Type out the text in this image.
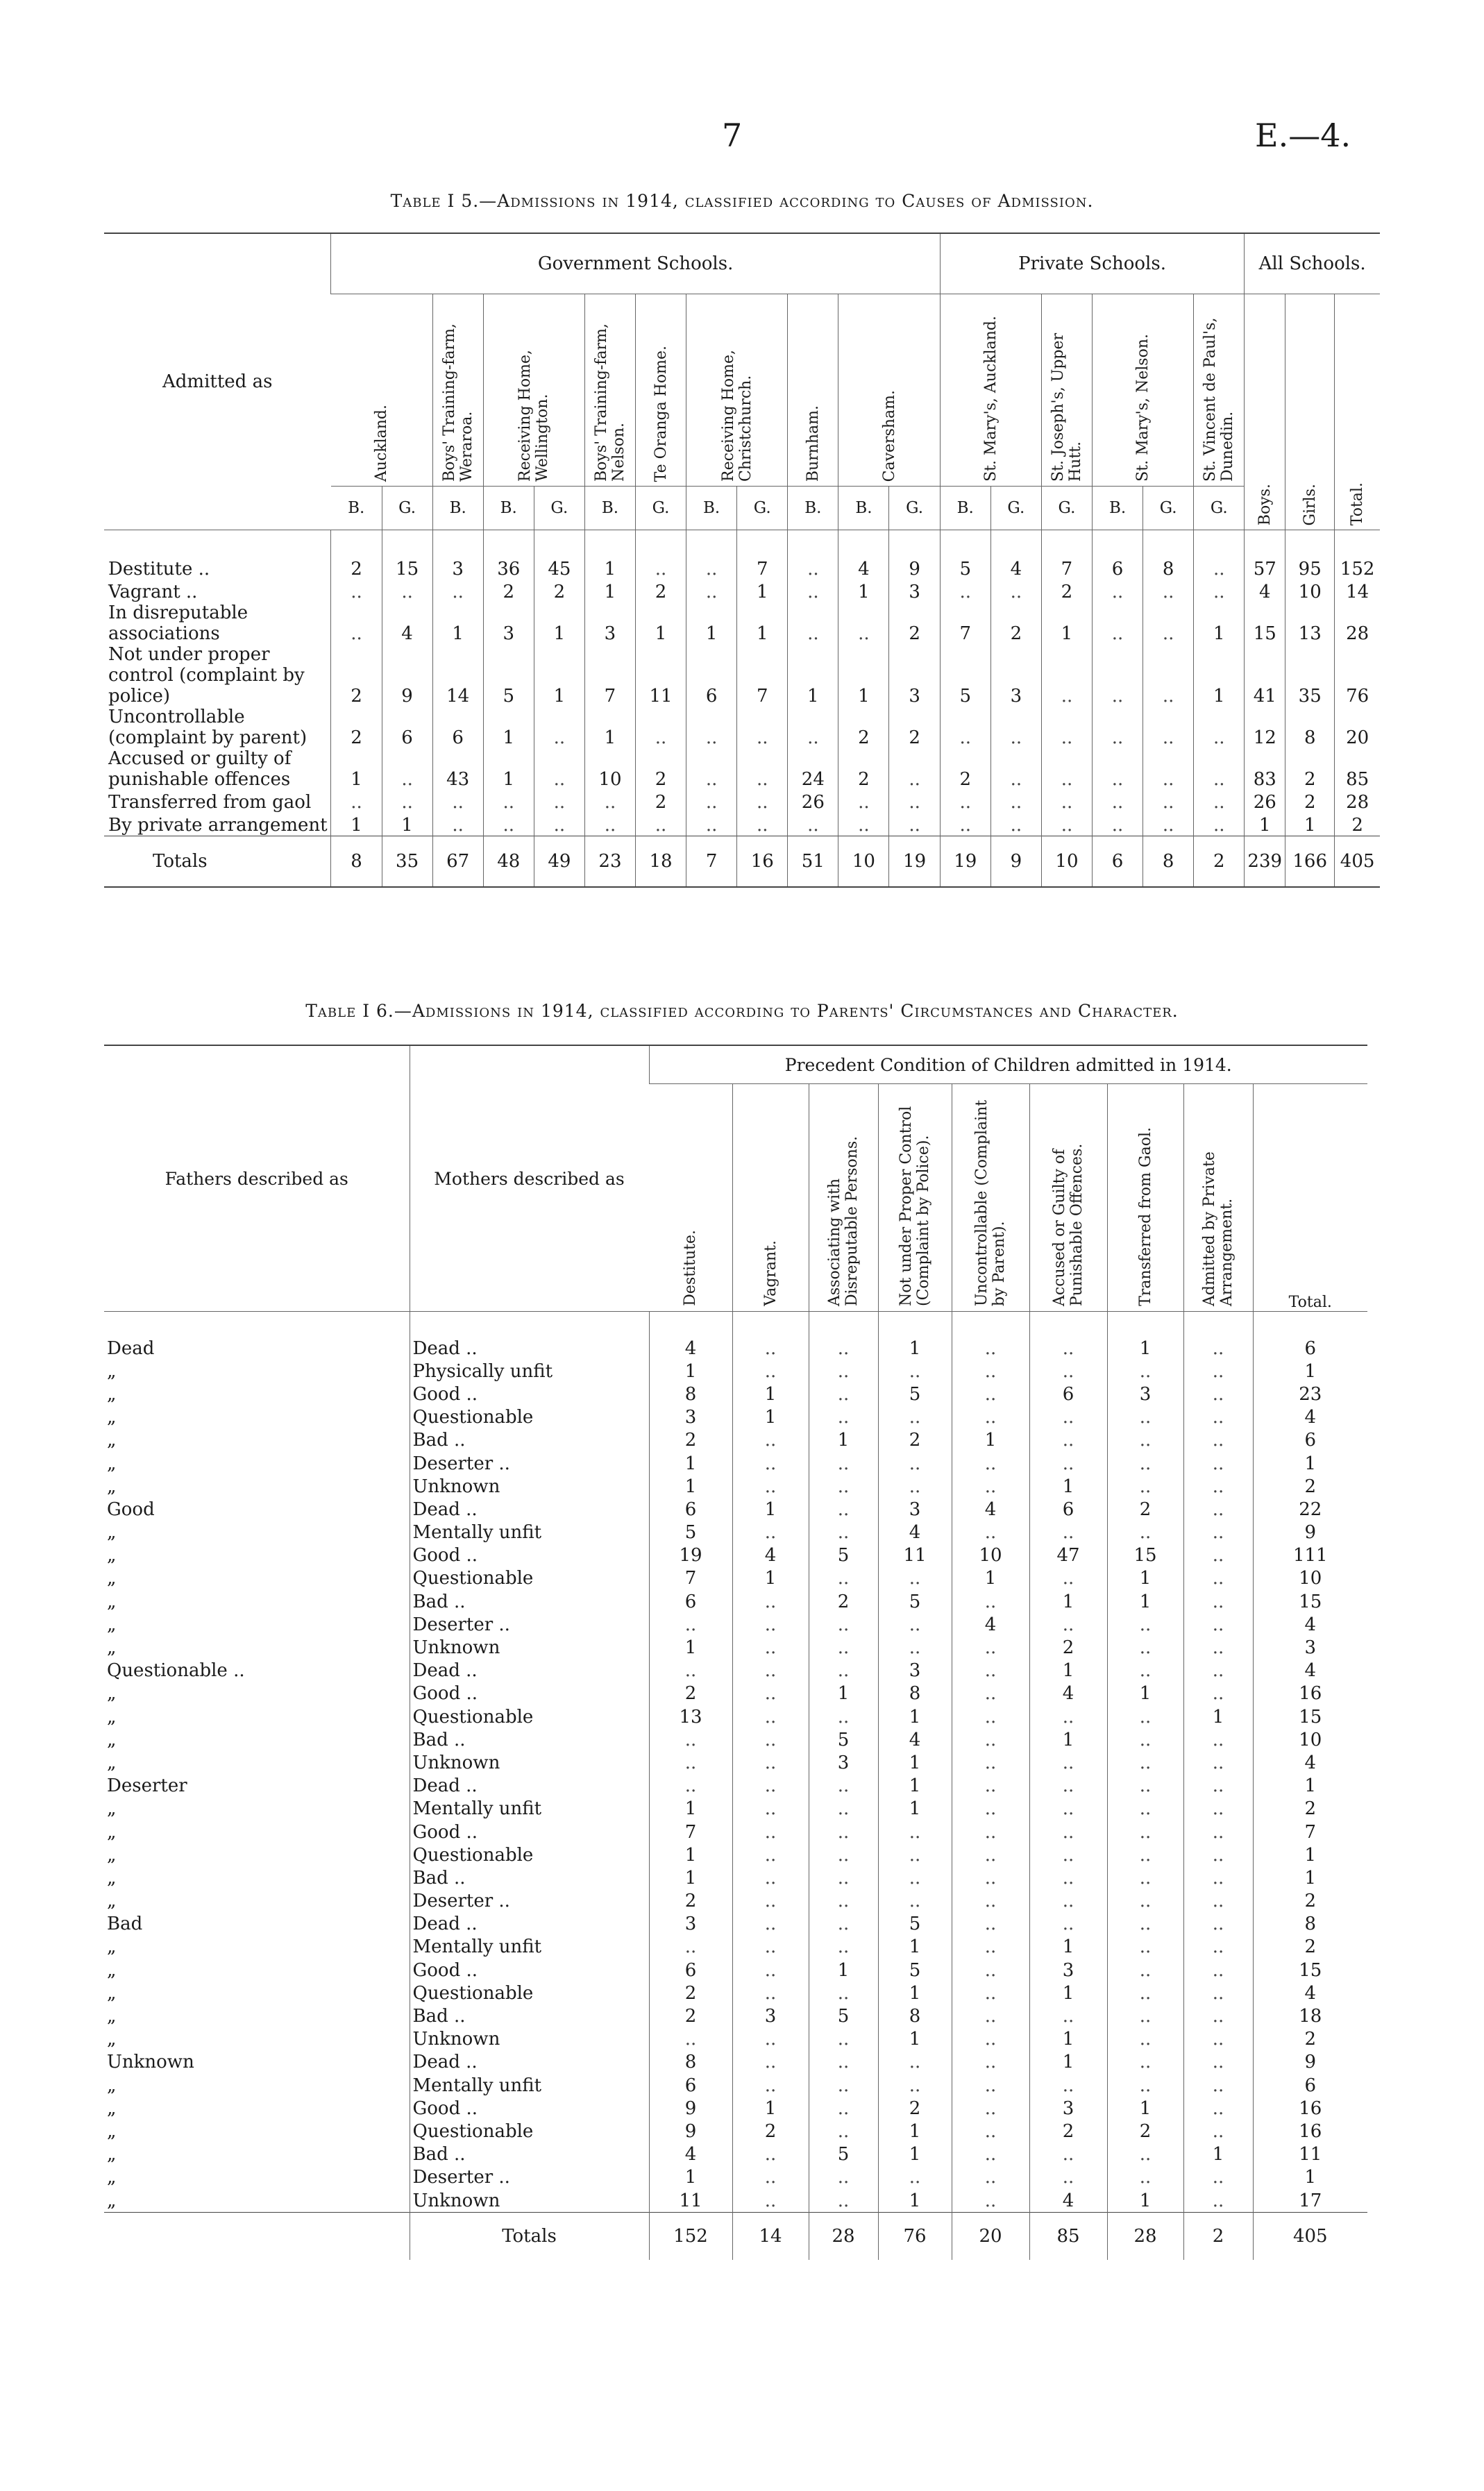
7	E.—4.
Table I 5.—Admissions in 1914, classified according to Causes of Admission.
Admitted as	Government Schools.												Private Schools.						All Schools.		
	Auckland.		Boys' Training-farm, Weraroa.	Receiving Home, Wellington.		Boys' Training-farm, Nelson.	Te Oranga Home.	Receiving Home, Christchurch.		Burnham.	Caversham.		St. Mary's, Auckland.		St. Joseph's, Upper Hutt.	St. Mary's, Nelson.		St. Vincent de Paul's, Dunedin.	Boys.	Girls.	Total.
	B.	G.	B.	B.	G.	B.	G.	B.	G.	B.	B.	G.	B.	G.	G.	B.	G.	G.			
Destitute ..	2	15	3	36	45	1	..	..	7	..	4	9	5	4	7	6	8	..	57	95	152
Vagrant ..	..	..	..	2	2	1	2	..	1	..	1	3	..	..	2	..	..	..	4	10	14
In disreputable associations	..	4	1	3	1	3	1	1	1	..	..	2	7	2	1	..	..	1	15	13	28
Not under proper control (complaint by police)	2	9	14	5	1	7	11	6	7	1	1	3	5	3	..	..	..	1	41	35	76
Uncontrollable (complaint by parent)	2	6	6	1	..	1	..	..	..	..	2	2	..	..	..	..	..	..	12	8	20
Accused or guilty of punishable offences	1	..	43	1	..	10	2	..	..	24	2	..	2	..	..	..	..	..	83	2	85
Transferred from gaol	..	..	..	..	..	..	2	..	..	26	..	..	..	..	..	..	..	..	26	2	28
By private arrangement	1	1	..	..	..	..	..	..	..	..	..	..	..	..	..	..	..	..	1	1	2
Totals	8	35	67	48	49	23	18	7	16	51	10	19	19	9	10	6	8	2	239	166	405
Table I 6.—Admissions in 1914, classified according to Parents' Circumstances and Character.
Fathers described as	Mothers described as	Precedent Condition of Children admitted in 1914.								
		Destitute.	Vagrant.	Associating with Disreputable Persons.	Not under Proper Control (Complaint by Police).	Uncontrollable (Complaint by Parent).	Accused or Guilty of Punishable Offences.	Transferred from Gaol.	Admitted by Private Arrangement.	Total.
Dead	Dead ..	4	..	..	1	..	..	1	..	6
„	Physically unfit	1	..	..	..	..	..	..	..	1
„	Good ..	8	1	..	5	..	6	3	..	23
„	Questionable	3	1	..	..	..	..	..	..	4
„	Bad ..	2	..	1	2	1	..	..	..	6
„	Deserter ..	1	..	..	..	..	..	..	..	1
„	Unknown	1	..	..	..	..	1	..	..	2
Good	Dead ..	6	1	..	3	4	6	2	..	22
„	Mentally unfit	5	..	..	4	..	..	..	..	9
„	Good ..	19	4	5	11	10	47	15	..	111
„	Questionable	7	1	..	..	1	..	1	..	10
„	Bad ..	6	..	2	5	..	1	1	..	15
„	Deserter ..	..	..	..	..	4	..	..	..	4
„	Unknown	1	..	..	..	..	2	..	..	3
Questionable ..	Dead ..	..	..	..	3	..	1	..	..	4
„	Good ..	2	..	1	8	..	4	1	..	16
„	Questionable	13	..	..	1	..	..	..	1	15
„	Bad ..	..	..	5	4	..	1	..	..	10
„	Unknown	..	..	3	1	..	..	..	..	4
Deserter	Dead ..	..	..	..	1	..	..	..	..	1
„	Mentally unfit	1	..	..	1	..	..	..	..	2
„	Good ..	7	..	..	..	..	..	..	..	7
„	Questionable	1	..	..	..	..	..	..	..	1
„	Bad ..	1	..	..	..	..	..	..	..	1
„	Deserter ..	2	..	..	..	..	..	..	..	2
Bad	Dead ..	3	..	..	5	..	..	..	..	8
„	Mentally unfit	..	..	..	1	..	1	..	..	2
„	Good ..	6	..	1	5	..	3	..	..	15
„	Questionable	2	..	..	1	..	1	..	..	4
„	Bad ..	2	3	5	8	..	..	..	..	18
„	Unknown	..	..	..	1	..	1	..	..	2
Unknown	Dead ..	8	..	..	..	..	1	..	..	9
„	Mentally unfit	6	..	..	..	..	..	..	..	6
„	Good ..	9	1	..	2	..	3	1	..	16
„	Questionable	9	2	..	1	..	2	2	..	16
„	Bad ..	4	..	5	1	..	..	..	1	11
„	Deserter ..	1	..	..	..	..	..	..	..	1
„	Unknown	11	..	..	1	..	4	1	..	17
	Totals	152	14	28	76	20	85	28	2	405
